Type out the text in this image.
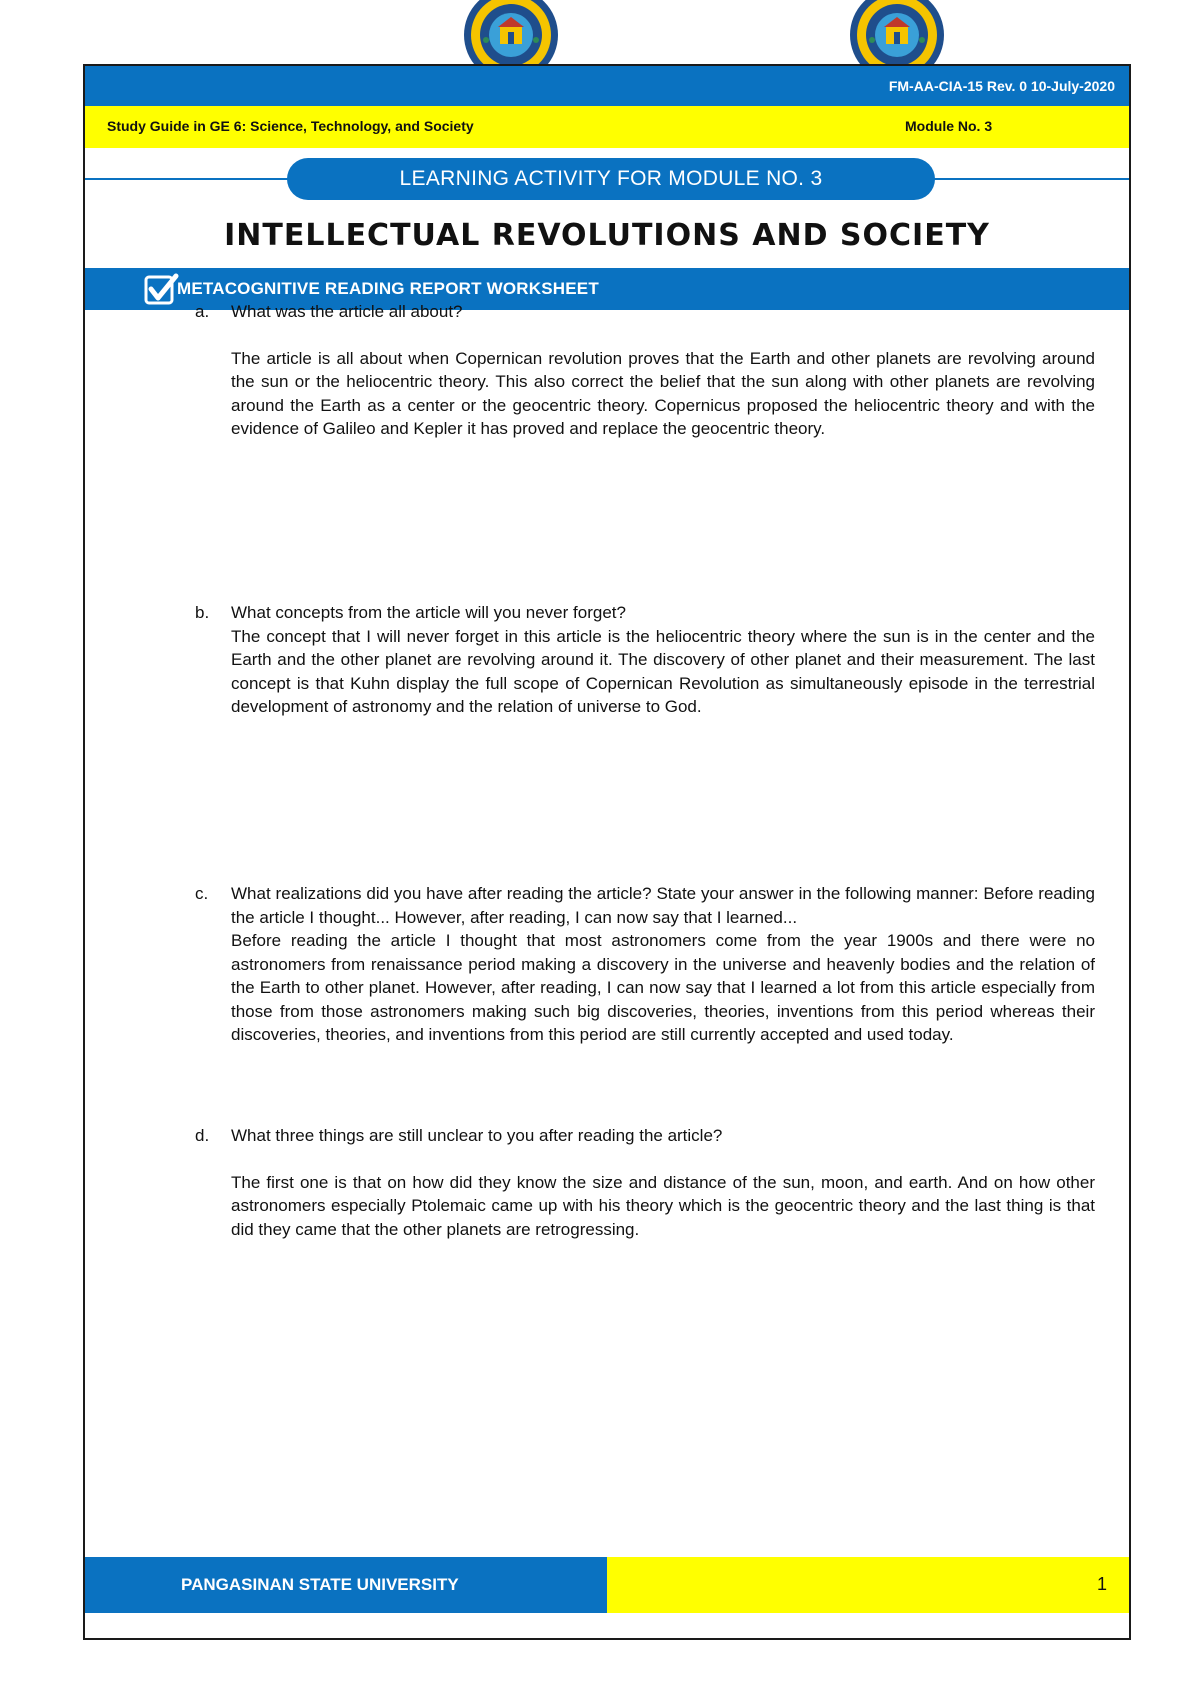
FM-AA-CIA-15 Rev. 0 10-July-2020
Study Guide in GE 6: Science, Technology, and Society	Module No. 3
LEARNING ACTIVITY FOR MODULE NO. 3
INTELLECTUAL REVOLUTIONS AND SOCIETY
METACOGNITIVE READING REPORT WORKSHEET
a. What was the article all about?
The article is all about when Copernican revolution proves that the Earth and other planets are revolving around the sun or the heliocentric theory. This also correct the belief that the sun along with other planets are revolving around the Earth as a center or the geocentric theory. Copernicus proposed the heliocentric theory and with the evidence of Galileo and Kepler it has proved and replace the geocentric theory.
b. What concepts from the article will you never forget?
The concept that I will never forget in this article is the heliocentric theory where the sun is in the center and the Earth and the other planet are revolving around it. The discovery of other planet and their measurement. The last concept is that Kuhn display the full scope of Copernican Revolution as simultaneously episode in the terrestrial development of astronomy and the relation of universe to God.
c. What realizations did you have after reading the article? State your answer in the following manner: Before reading the article I thought... However, after reading, I can now say that I learned...
Before reading the article I thought that most astronomers come from the year 1900s and there were no astronomers from renaissance period making a discovery in the universe and heavenly bodies and the relation of the Earth to other planet. However, after reading, I can now say that I learned a lot from this article especially from those from those astronomers making such big discoveries, theories, inventions from this period whereas their discoveries, theories, and inventions from this period are still currently accepted and used today.
d. What three things are still unclear to you after reading the article?
The first one is that on how did they know the size and distance of the sun, moon, and earth. And on how other astronomers especially Ptolemaic came up with his theory which is the geocentric theory and the last thing is that did they came that the other planets are retrogressing.
PANGASINAN STATE UNIVERSITY	1
